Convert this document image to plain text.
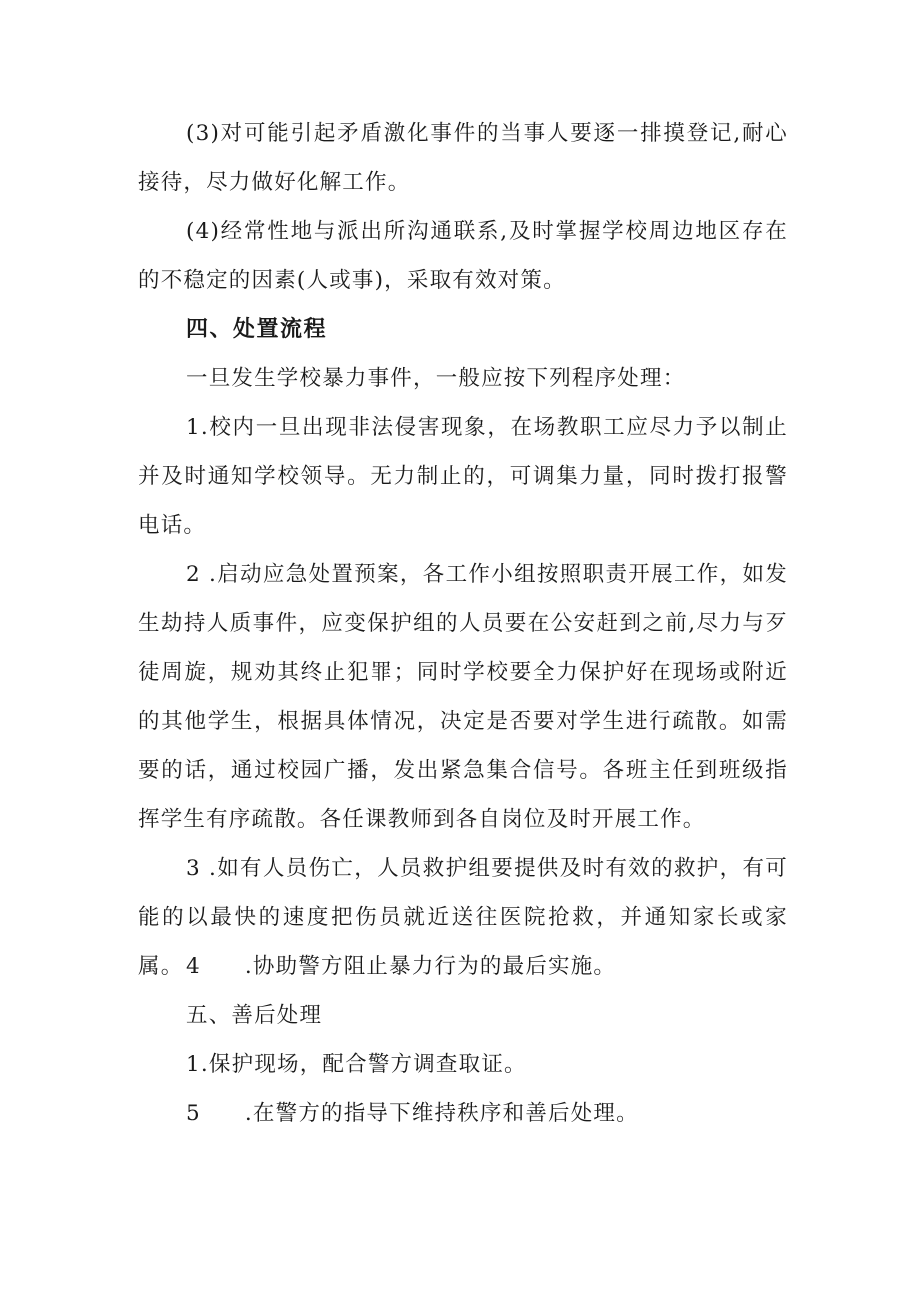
(3)对可能引起矛盾激化事件的当事人要逐一排摸登记,耐心接待，尽力做好化解工作。

(4)经常性地与派出所沟通联系,及时掌握学校周边地区存在的不稳定的因素(人或事)，采取有效对策。

四、处置流程

一旦发生学校暴力事件，一般应按下列程序处理：

1.校内一旦出现非法侵害现象，在场教职工应尽力予以制止并及时通知学校领导。无力制止的，可调集力量，同时拨打报警电话。

2 .启动应急处置预案，各工作小组按照职责开展工作，如发生劫持人质事件，应变保护组的人员要在公安赶到之前,尽力与歹徒周旋，规劝其终止犯罪；同时学校要全力保护好在现场或附近的其他学生，根据具体情况，决定是否要对学生进行疏散。如需要的话，通过校园广播，发出紧急集合信号。各班主任到班级指挥学生有序疏散。各任课教师到各自岗位及时开展工作。

3 .如有人员伤亡，人员救护组要提供及时有效的救护，有可能的以最快的速度把伤员就近送往医院抢救，并通知家长或家属。 4 .协助警方阻止暴力行为的最后实施。

五、善后处理

1.保护现场，配合警方调查取证。

5 .在警方的指导下维持秩序和善后处理。
